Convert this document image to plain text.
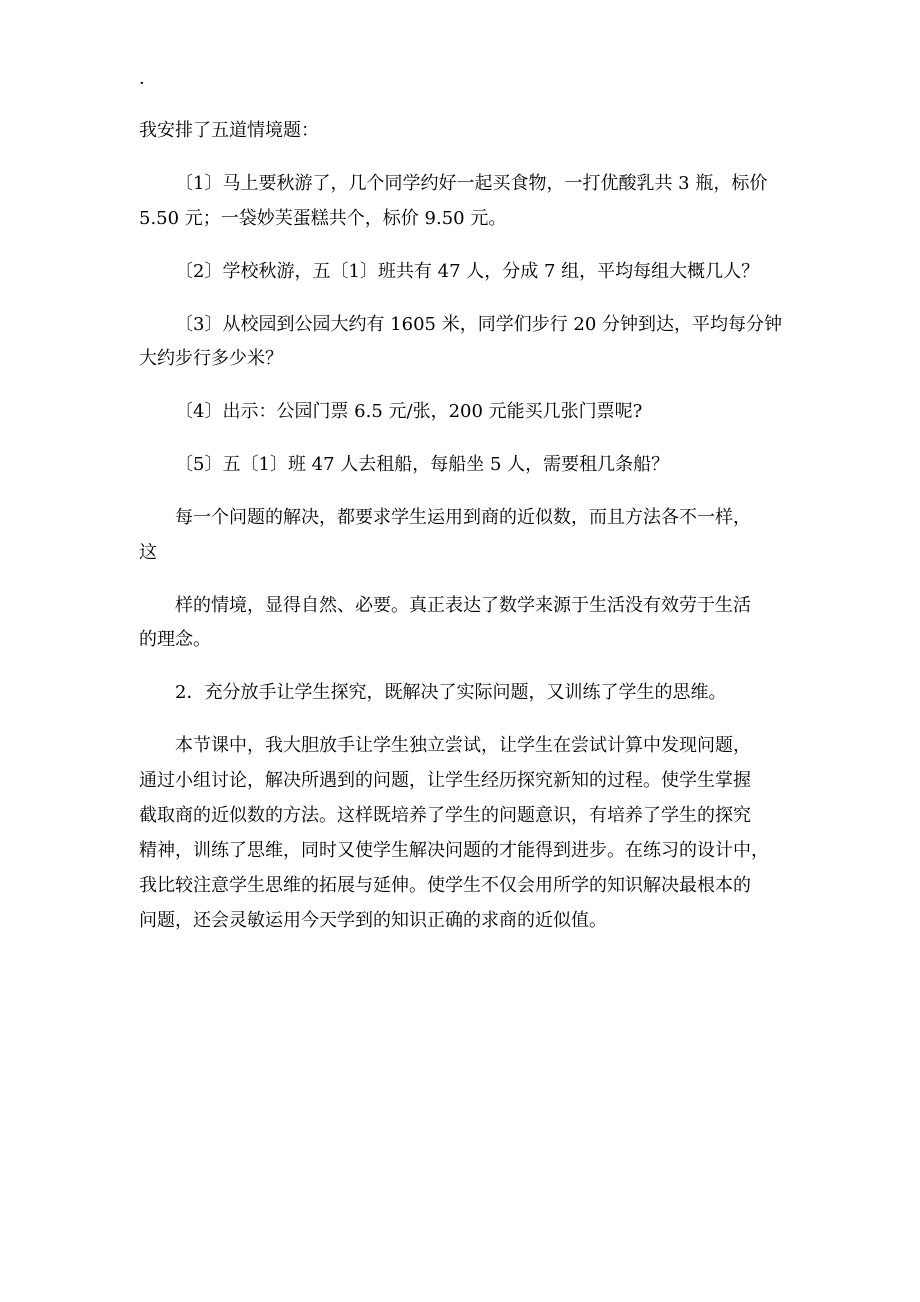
·
我安排了五道情境题：
〔1〕马上要秋游了，几个同学约好一起买食物，一打优酸乳共 3 瓶，标价
5.50 元；一袋妙芙蛋糕共个，标价 9.50 元。
〔2〕学校秋游，五〔1〕班共有 47 人，分成 7 组，平均每组大概几人？
〔3〕从校园到公园大约有 1605 米，同学们步行 20 分钟到达，平均每分钟
大约步行多少米？
〔4〕出示：公园门票 6.5 元/张，200 元能买几张门票呢?
〔5〕五〔1〕班 47 人去租船，每船坐 5 人，需要租几条船？
每一个问题的解决，都要求学生运用到商的近似数，而且方法各不一样，
这
样的情境，显得自然、必要。真正表达了数学来源于生活没有效劳于生活
的理念。
2．充分放手让学生探究，既解决了实际问题，又训练了学生的思维。
本节课中，我大胆放手让学生独立尝试，让学生在尝试计算中发现问题，
通过小组讨论，解决所遇到的问题，让学生经历探究新知的过程。使学生掌握
截取商的近似数的方法。这样既培养了学生的问题意识，有培养了学生的探究
精神，训练了思维，同时又使学生解决问题的才能得到进步。在练习的设计中，
我比较注意学生思维的拓展与延伸。使学生不仅会用所学的知识解决最根本的
问题，还会灵敏运用今天学到的知识正确的求商的近似值。
